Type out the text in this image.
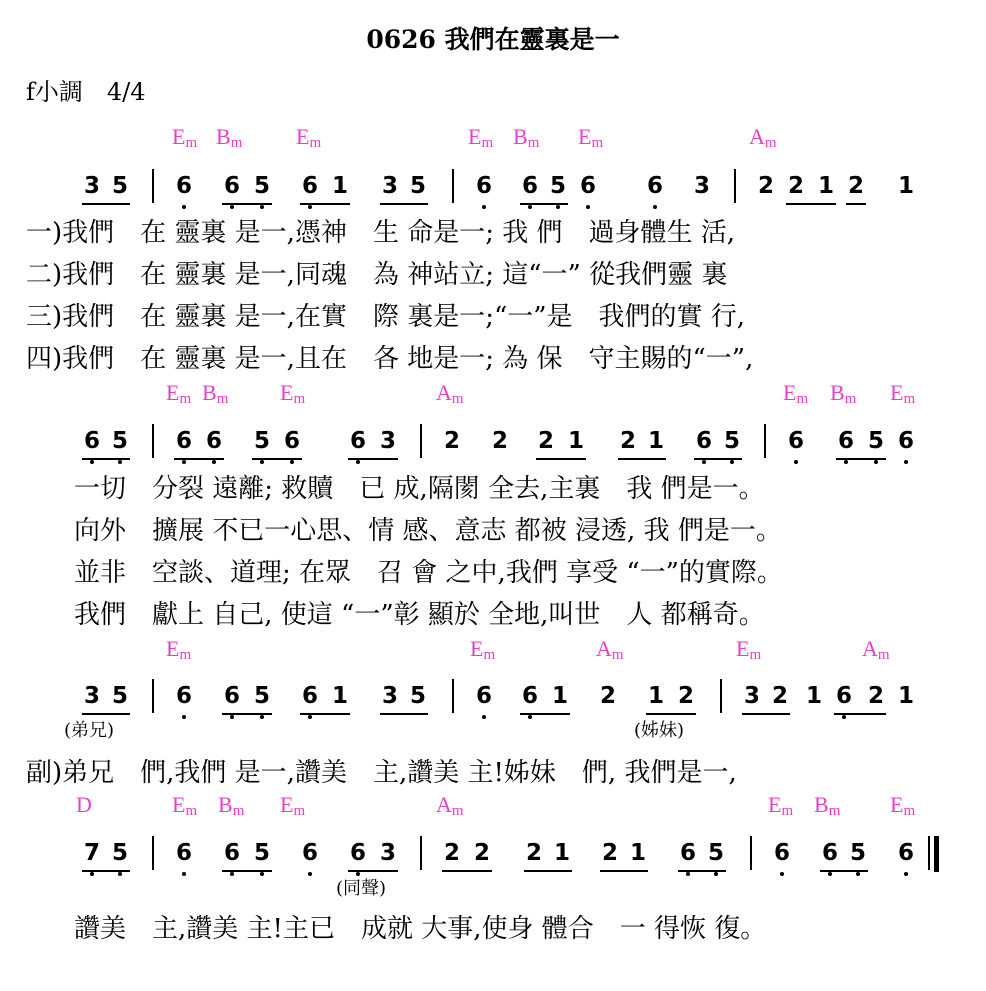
0626 我們在靈裏是一
f小調　4/4
$E_m$ $B_m$ $E_m$	$E_m$ $B_m$ $E_m$	$A_m$
3 5 6 6 5 6 1 3 5 6 6 5 6 6 3 2 2 1 2 1
一)我們　在 靈裏 是一,憑神　生 命是一; 我 們　過身體生 活,
二)我們　在 靈裏 是一,同魂　為 神站立; 這“一” 從我們靈 裏
三)我們　在 靈裏 是一,在實　際 裏是一;“一”是　我們的實 行,
四)我們　在 靈裏 是一,且在　各 地是一; 為 保　守主賜的“一”,
$E_m$ $B_m$ $E_m$	$A_m$	$E_m$ $B_m$ $E_m$
6 5 6 6 5 6 6 3 2 2 2 1 2 1 6 5 6 6 5 6
一切　分裂 遠離; 救贖　已 成,隔閡 全去,主裏　我 們是一。
向外　擴展 不已一心思、情 感、意志 都被 浸透, 我 們是一。
並非　空談、道理; 在眾　召 會 之中,我們 享受 “一”的實際。
我們　獻上 自己, 使這 “一”彰 顯於 全地,叫世　人 都稱奇。
$E_m$	$E_m$	$A_m$	$E_m$	$A_m$
3 5 6 6 5 6 1 3 5 6 6 1 2 1 2 3 2 1 6 2 1
(弟兄)	(姊妹)
副)弟兄　們,我們 是一,讚美　主,讚美 主!姊妹　們, 我們是一,
D	$E_m$ $B_m$ $E_m$	$A_m$	$E_m$ $B_m$ $E_m$
7 5 6 6 5 6 6 3 2 2 2 1 2 1 6 5 6 6 5 6
(同聲)
讚美　主,讚美 主!主已　成就 大事,使身 體合　一 得恢 復。
